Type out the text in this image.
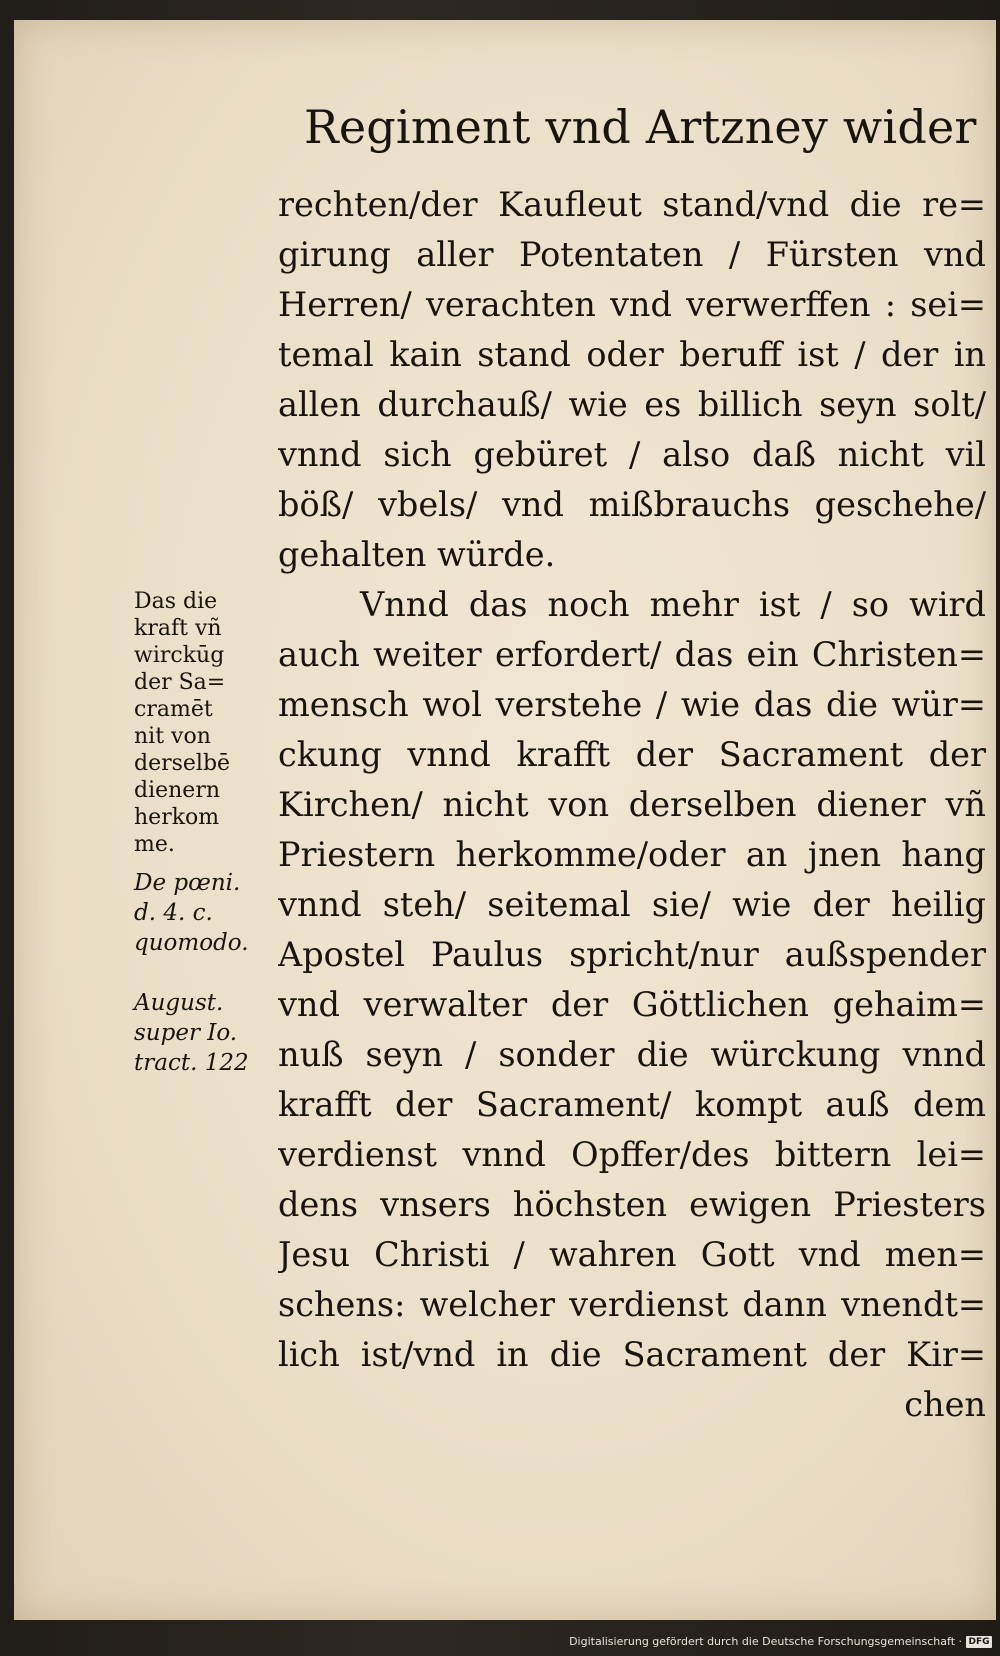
Regiment vnd Artzney wider
rechten/der Kaufleut stand/vnd die re=
girung aller Potentaten / Fürsten vnd
Herren/ verachten vnd verwerffen : sei=
temal kain stand oder beruff ist / der in
allen durchauß/ wie es billich seyn solt/
vnnd sich gebüret / also daß nicht vil
böß/ vbels/ vnd mißbrauchs geschehe/
gehalten würde.
Vnnd das noch mehr ist / so wird
auch weiter erfordert/ das ein Christen=
mensch wol verstehe / wie das die wür=
ckung vnnd krafft der Sacrament der
Kirchen/ nicht von derselben diener vñ
Priestern herkomme/oder an jnen hang
vnnd steh/ seitemal sie/ wie der heilig
Apostel Paulus spricht/nur außspender
vnd verwalter der Göttlichen gehaim=
nuß seyn / sonder die würckung vnnd
krafft der Sacrament/ kompt auß dem
verdienst vnnd Opffer/des bittern lei=
dens vnsers höchsten ewigen Priesters
Jesu Christi / wahren Gott vnd men=
schens: welcher verdienst dann vnendt=
lich ist/vnd in die Sacrament der Kir=
chen
Das die
kraft vñ
wirckūg
der Sa=
cramēt
nit von
derselbē
dienern
herkom
me.
De pœni.
d. 4. c.
quomodo.
August.
super Io.
tract. 122
Digitalisierung gefördert durch die Deutsche Forschungsgemeinschaft · DFG
